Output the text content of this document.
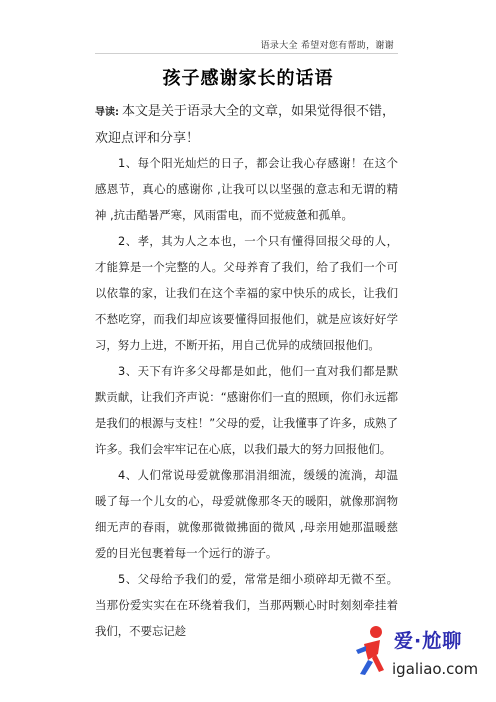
语录大全 希望对您有帮助，谢谢
孩子感谢家长的话语
导读: 本文是关于语录大全的文章，如果觉得很不错，欢迎点评和分享！

1、每个阳光灿烂的日子，都会让我心存感谢！在这个感恩节，真心的感谢你 ,让我可以以坚强的意志和无谓的精神 ,抗击酷暑严寒，风雨雷电，而不觉疲惫和孤单。

2、孝，其为人之本也，一个只有懂得回报父母的人，才能算是一个完整的人。父母养育了我们，给了我们一个可以依靠的家，让我们在这个幸福的家中快乐的成长，让我们不愁吃穿，而我们却应该要懂得回报他们，就是应该好好学习，努力上进，不断开拓，用自己优异的成绩回报他们。

3、天下有许多父母都是如此，他们一直对我们都是默默贡献，让我们齐声说：“感谢你们一直的照顾，你们永远都是我们的根源与支柱！”父母的爱，让我懂事了许多，成熟了许多。我们会牢牢记在心底，以我们最大的努力回报他们。

4、人们常说母爱就像那涓涓细流，缓缓的流淌，却温暖了每一个儿女的心，母爱就像那冬天的暖阳，就像那润物细无声的春雨，就像那微微拂面的微风 ,母亲用她那温暖慈爱的目光包裹着每一个远行的游子。

5、父母给予我们的爱，常常是细小琐碎却无微不至。当那份爱实实在在环绕着我们，当那两颗心时时刻刻牵挂着我们，不要忘记趁	爱·尬聊
igaliao.com
